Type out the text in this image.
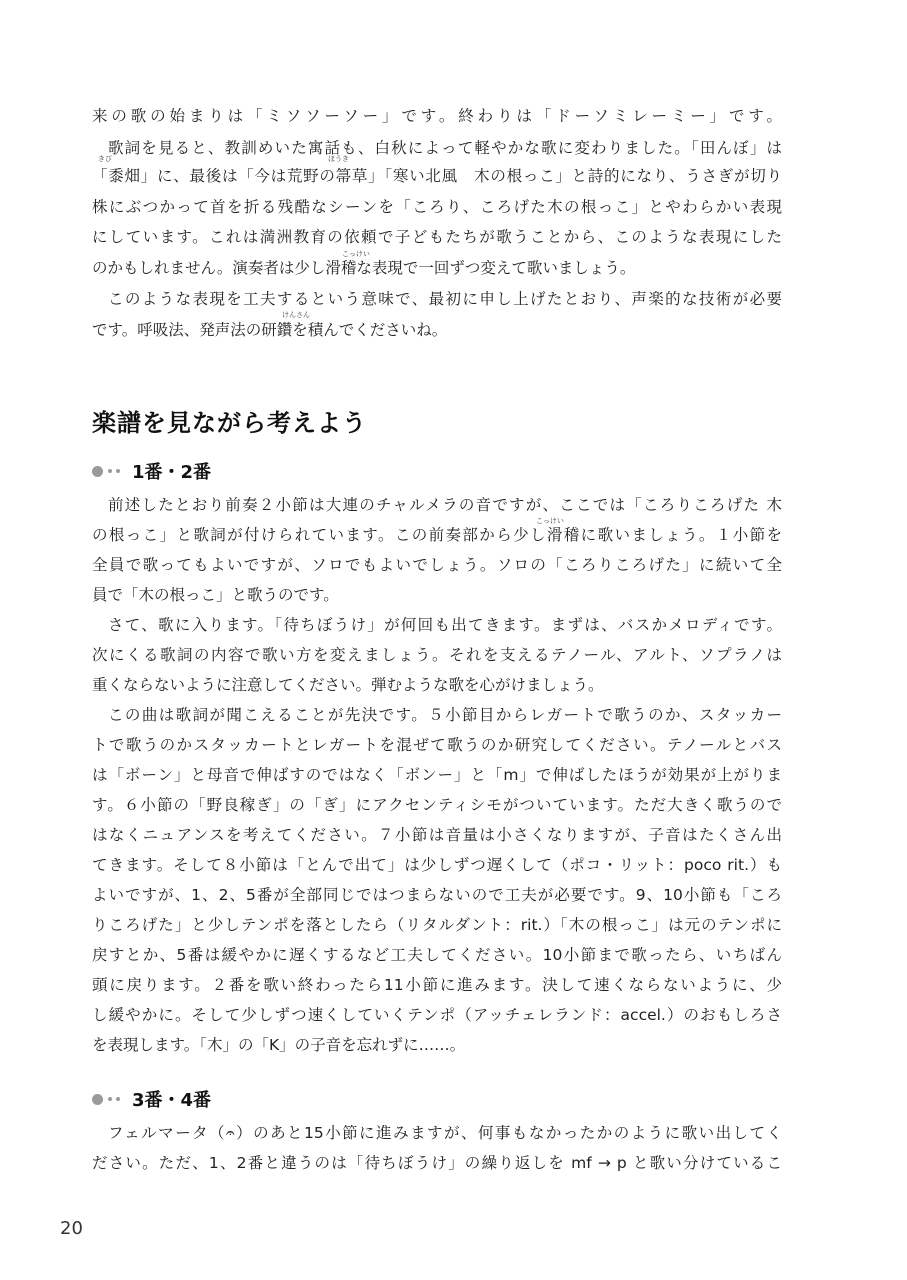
来の歌の始まりは「ミソソーソー」です。終わりは「ドーソミレーミー」です。
歌詞を見ると、教訓めいた寓話も、白秋によって軽やかな歌に変わりました。「田んぼ」は
きび	ほうき
「黍畑」に、最後は「今は荒野の箒草」「寒い北風　木の根っこ」と詩的になり、うさぎが切り
株にぶつかって首を折る残酷なシーンを「ころり、ころげた木の根っこ」とやわらかい表現
にしています。これは満洲教育の依頼で子どもたちが歌うことから、このような表現にした
こっけい
のかもしれません。演奏者は少し滑稽な表現で一回ずつ変えて歌いましょう。
このような表現を工夫するという意味で、最初に申し上げたとおり、声楽的な技術が必要
けんさん
です。呼吸法、発声法の研鑽を積んでくださいね。
楽譜を見ながら考えよう
1番・2番
前述したとおり前奏２小節は大連のチャルメラの音ですが、ここでは「ころりころげた 木
こっけい
の根っこ」と歌詞が付けられています。この前奏部から少し滑稽に歌いましょう。１小節を
全員で歌ってもよいですが、ソロでもよいでしょう。ソロの「ころりころげた」に続いて全
員で「木の根っこ」と歌うのです。
さて、歌に入ります。「待ちぼうけ」が何回も出てきます。まずは、バスかメロディです。
次にくる歌詞の内容で歌い方を変えましょう。それを支えるテノール、アルト、ソプラノは
重くならないように注意してください。弾むような歌を心がけましょう。
この曲は歌詞が聞こえることが先決です。５小節目からレガートで歌うのか、スタッカー
トで歌うのかスタッカートとレガートを混ぜて歌うのか研究してください。テノールとバス
は「ボーン」と母音で伸ばすのではなく「ボンー」と「m」で伸ばしたほうが効果が上がりま
す。６小節の「野良稼ぎ」の「ぎ」にアクセンティシモがついています。ただ大きく歌うので
はなくニュアンスを考えてください。７小節は音量は小さくなりますが、子音はたくさん出
てきます。そして８小節は「とんで出て」は少しずつ遅くして（ポコ・リット：poco rit.）も
よいですが、1、2、5番が全部同じではつまらないので工夫が必要です。9、10小節も「ころ
りころげた」と少しテンポを落としたら（リタルダント：rit.）「木の根っこ」は元のテンポに
戻すとか、5番は緩やかに遅くするなど工夫してください。10小節まで歌ったら、いちばん
頭に戻ります。２番を歌い終わったら11小節に進みます。決して速くならないように、少
し緩やかに。そして少しずつ速くしていくテンポ（アッチェレランド：accel.）のおもしろさ
を表現します。「木」の「K」の子音を忘れずに……。
3番・4番
フェルマータ（𝄐）のあと15小節に進みますが、何事もなかったかのように歌い出してく
ださい。ただ、1、2番と違うのは「待ちぼうけ」の繰り返しを mf → p と歌い分けているこ
20
